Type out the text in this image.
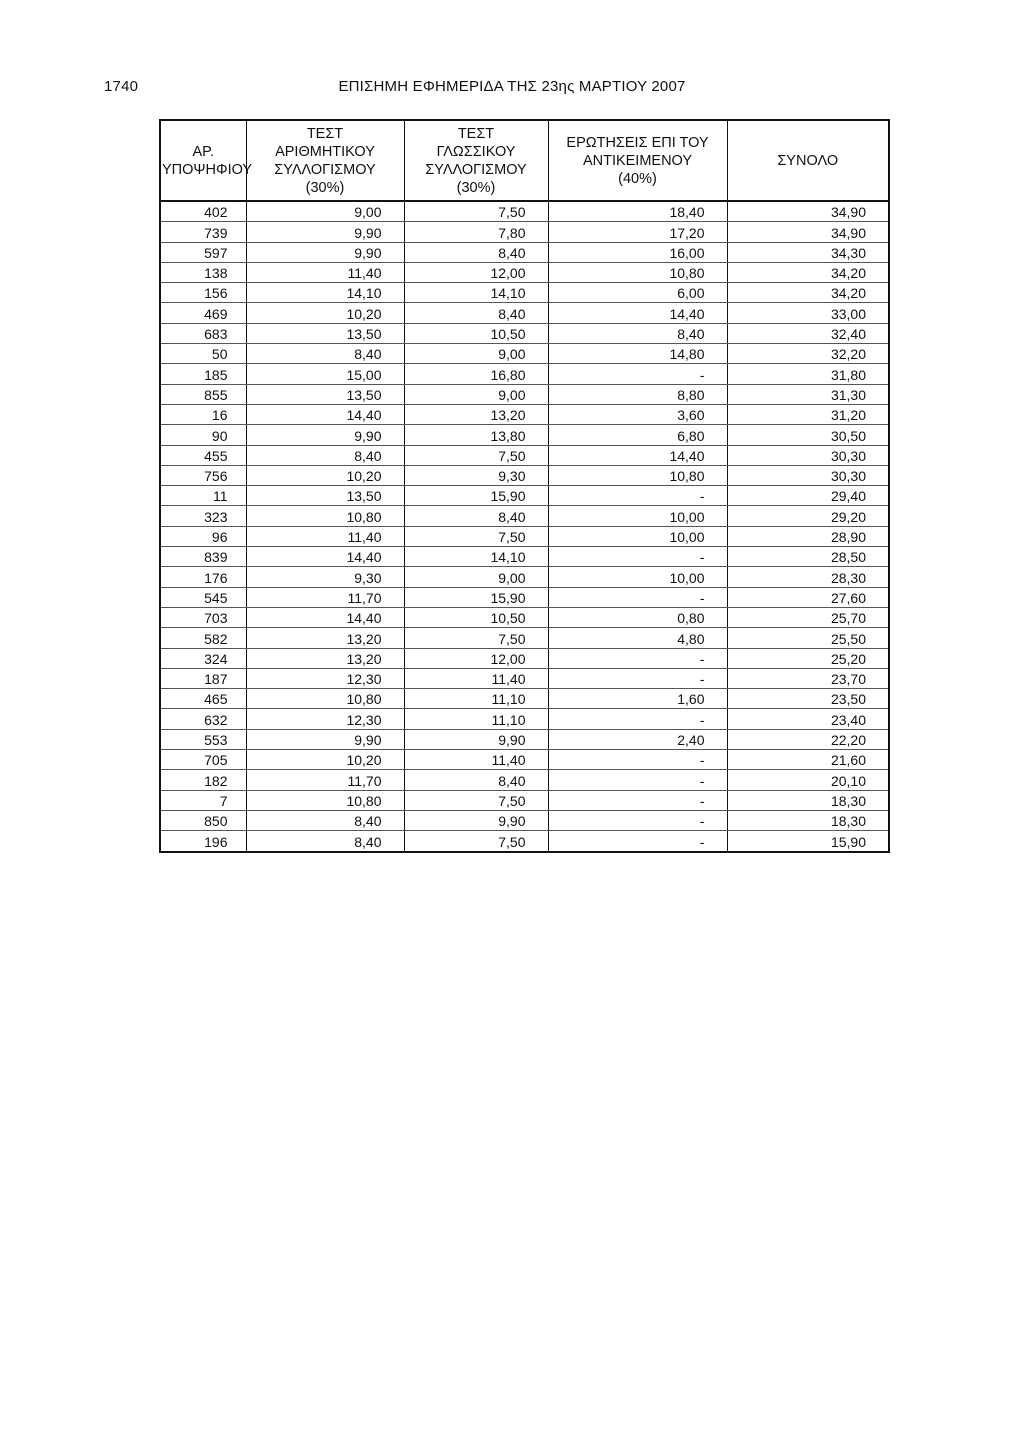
1740	ΕΠΙΣΗΜΗ ΕΦΗΜΕΡΙΔΑ ΤΗΣ 23ης ΜΑΡΤΙΟΥ 2007
ΑΡ.
ΥΠΟΨΗΦΙΟΥ	ΤΕΣΤ
ΑΡΙΘΜΗΤΙΚΟΥ
ΣΥΛΛΟΓΙΣΜΟΥ
(30%)	ΤΕΣΤ
ΓΛΩΣΣΙΚΟΥ
ΣΥΛΛΟΓΙΣΜΟΥ
(30%)	ΕΡΩΤΗΣΕΙΣ ΕΠΙ ΤΟΥ
ΑΝΤΙΚΕΙΜΕΝΟΥ
(40%)	ΣΥΝΟΛΟ
402	9,00	7,50	18,40	34,90
739	9,90	7,80	17,20	34,90
597	9,90	8,40	16,00	34,30
138	11,40	12,00	10,80	34,20
156	14,10	14,10	6,00	34,20
469	10,20	8,40	14,40	33,00
683	13,50	10,50	8,40	32,40
50	8,40	9,00	14,80	32,20
185	15,00	16,80	-	31,80
855	13,50	9,00	8,80	31,30
16	14,40	13,20	3,60	31,20
90	9,90	13,80	6,80	30,50
455	8,40	7,50	14,40	30,30
756	10,20	9,30	10,80	30,30
11	13,50	15,90	-	29,40
323	10,80	8,40	10,00	29,20
96	11,40	7,50	10,00	28,90
839	14,40	14,10	-	28,50
176	9,30	9,00	10,00	28,30
545	11,70	15,90	-	27,60
703	14,40	10,50	0,80	25,70
582	13,20	7,50	4,80	25,50
324	13,20	12,00	-	25,20
187	12,30	11,40	-	23,70
465	10,80	11,10	1,60	23,50
632	12,30	11,10	-	23,40
553	9,90	9,90	2,40	22,20
705	10,20	11,40	-	21,60
182	11,70	8,40	-	20,10
7	10,80	7,50	-	18,30
850	8,40	9,90	-	18,30
196	8,40	7,50	-	15,90
